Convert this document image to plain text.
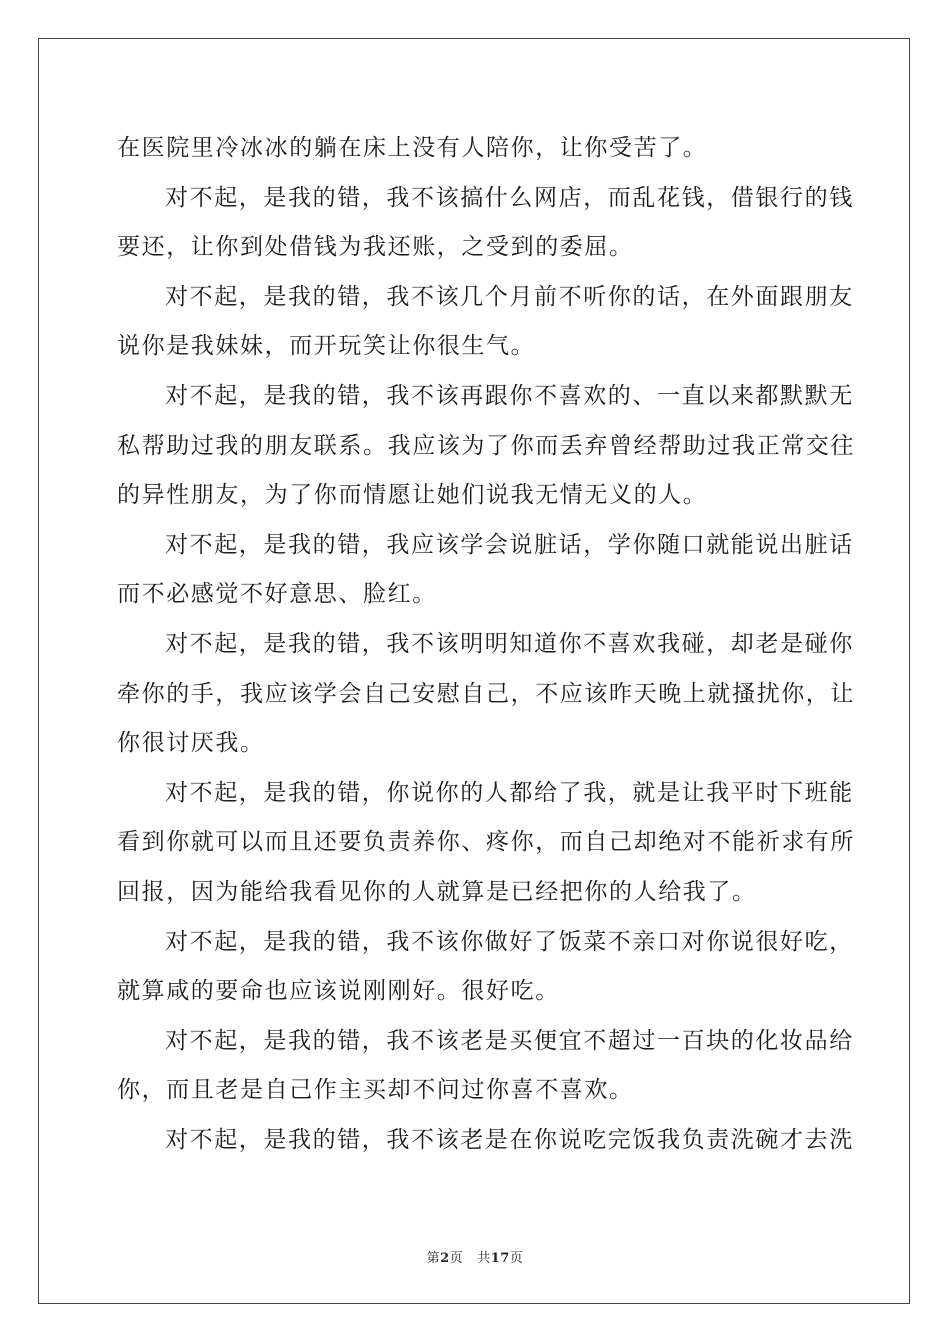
在医院里冷冰冰的躺在床上没有人陪你，让你受苦了。
对不起，是我的错，我不该搞什么网店，而乱花钱，借银行的钱
要还，让你到处借钱为我还账，之受到的委屈。
对不起，是我的错，我不该几个月前不听你的话，在外面跟朋友
说你是我妹妹，而开玩笑让你很生气。
对不起，是我的错，我不该再跟你不喜欢的、一直以来都默默无
私帮助过我的朋友联系。我应该为了你而丢弃曾经帮助过我正常交往
的异性朋友，为了你而情愿让她们说我无情无义的人。
对不起，是我的错，我应该学会说脏话，学你随口就能说出脏话
而不必感觉不好意思、脸红。
对不起，是我的错，我不该明明知道你不喜欢我碰，却老是碰你
牵你的手，我应该学会自己安慰自己，不应该昨天晚上就搔扰你，让
你很讨厌我。
对不起，是我的错，你说你的人都给了我，就是让我平时下班能
看到你就可以而且还要负责养你、疼你，而自己却绝对不能祈求有所
回报，因为能给我看见你的人就算是已经把你的人给我了。
对不起，是我的错，我不该你做好了饭菜不亲口对你说很好吃，
就算咸的要命也应该说刚刚好。很好吃。
对不起，是我的错，我不该老是买便宜不超过一百块的化妆品给
你，而且老是自己作主买却不问过你喜不喜欢。
对不起，是我的错，我不该老是在你说吃完饭我负责洗碗才去洗
第2页 共17页
